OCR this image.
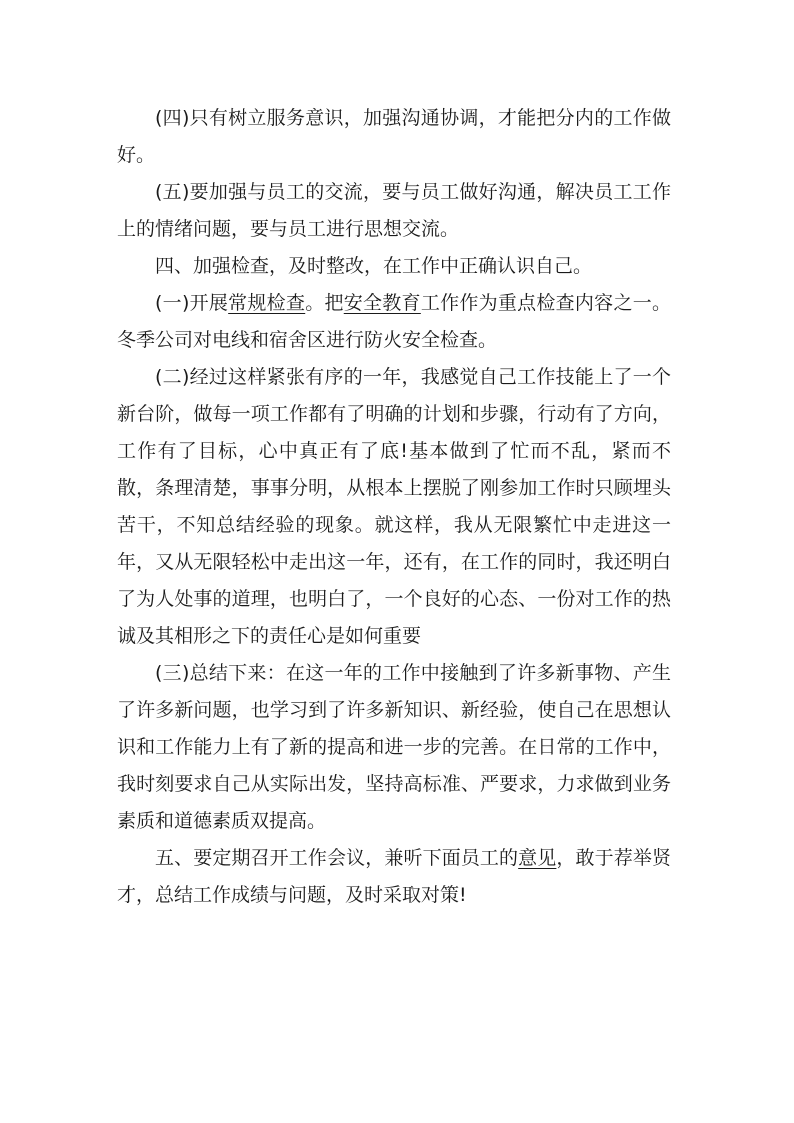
(四)只有树立服务意识，加强沟通协调，才能把分内的工作做好。

(五)要加强与员工的交流，要与员工做好沟通，解决员工工作上的情绪问题，要与员工进行思想交流。

四、加强检查，及时整改，在工作中正确认识自己。

(一)开展常规检查。把安全教育工作作为重点检查内容之一。冬季公司对电线和宿舍区进行防火安全检查。

(二)经过这样紧张有序的一年，我感觉自己工作技能上了一个新台阶，做每一项工作都有了明确的计划和步骤，行动有了方向，工作有了目标，心中真正有了底!基本做到了忙而不乱，紧而不散，条理清楚，事事分明，从根本上摆脱了刚参加工作时只顾埋头苦干，不知总结经验的现象。就这样，我从无限繁忙中走进这一年，又从无限轻松中走出这一年，还有，在工作的同时，我还明白了为人处事的道理，也明白了，一个良好的心态、一份对工作的热诚及其相形之下的责任心是如何重要

(三)总结下来：在这一年的工作中接触到了许多新事物、产生了许多新问题，也学习到了许多新知识、新经验，使自己在思想认识和工作能力上有了新的提高和进一步的完善。在日常的工作中，我时刻要求自己从实际出发，坚持高标准、严要求，力求做到业务素质和道德素质双提高。

五、要定期召开工作会议，兼听下面员工的意见，敢于荐举贤才，总结工作成绩与问题，及时采取对策!
